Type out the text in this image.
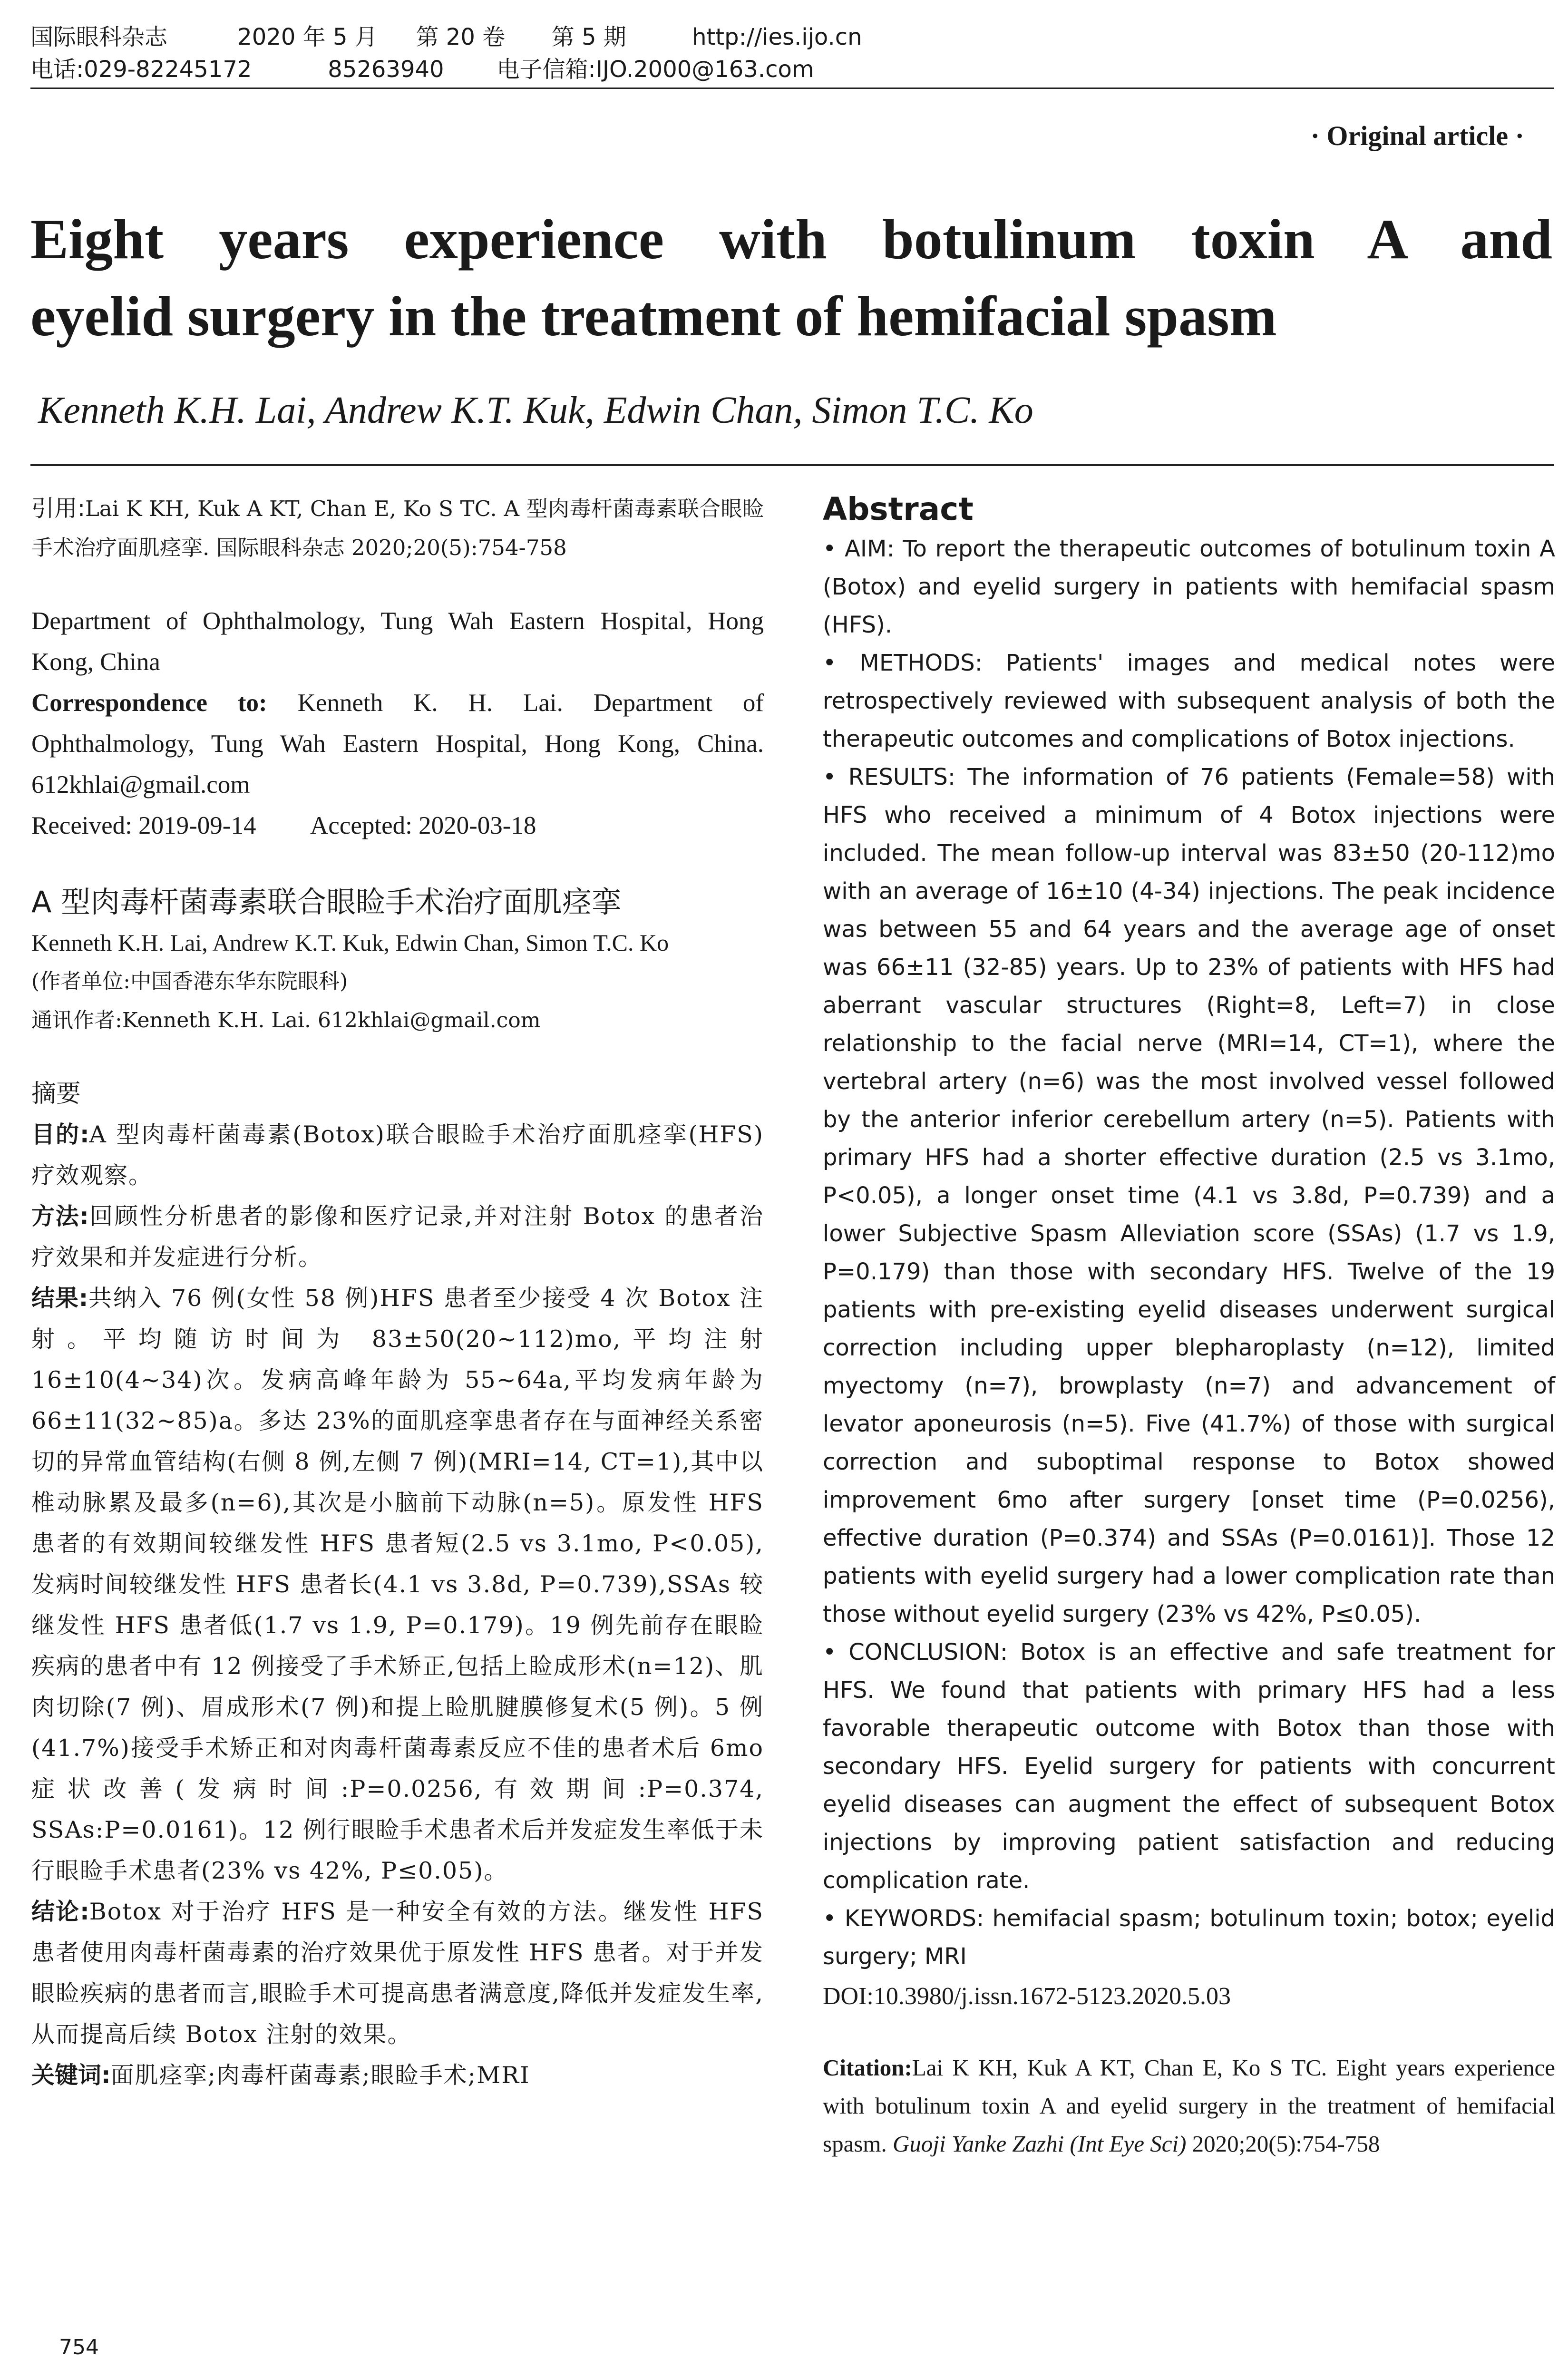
国际眼科杂志	2020 年 5 月 第 20 卷 第 5 期	http://ies.ijo.cn
电话:029-82245172	85263940 电子信箱:IJO.2000@163.com
· Original article ·
Eight years experience with botulinum toxin A and
eyelid surgery in the treatment of hemifacial spasm
Kenneth K.H. Lai, Andrew K.T. Kuk, Edwin Chan, Simon T.C. Ko
引用:Lai K KH, Kuk A KT, Chan E, Ko S TC. A 型肉毒杆菌毒素联合眼睑手术治疗面肌痉挛. 国际眼科杂志 2020;20(5):754-758
Department of Ophthalmology, Tung Wah Eastern Hospital, Hong Kong, China
Correspondence to: Kenneth K. H. Lai. Department of Ophthalmology, Tung Wah Eastern Hospital, Hong Kong, China. 612khlai@gmail.com
Received: 2019-09-14 Accepted: 2020-03-18
A 型肉毒杆菌毒素联合眼睑手术治疗面肌痉挛
Kenneth K.H. Lai, Andrew K.T. Kuk, Edwin Chan, Simon T.C. Ko
(作者单位:中国香港东华东院眼科)
通讯作者:Kenneth K.H. Lai. 612khlai@gmail.com
摘要
目的:A 型肉毒杆菌毒素(Botox)联合眼睑手术治疗面肌痉挛(HFS)疗效观察。
方法:回顾性分析患者的影像和医疗记录,并对注射 Botox 的患者治疗效果和并发症进行分析。
结果:共纳入 76 例(女性 58 例)HFS 患者至少接受 4 次 Botox 注射。平均随访时间为 83±50(20~112)mo,平均注射 16±10(4~34)次。发病高峰年龄为 55~64a,平均发病年龄为 66±11(32~85)a。多达 23%的面肌痉挛患者存在与面神经关系密切的异常血管结构(右侧 8 例,左侧 7 例)(MRI=14, CT=1),其中以椎动脉累及最多(n=6),其次是小脑前下动脉(n=5)。原发性 HFS 患者的有效期间较继发性 HFS 患者短(2.5 vs 3.1mo, P<0.05),发病时间较继发性 HFS 患者长(4.1 vs 3.8d, P=0.739),SSAs 较继发性 HFS 患者低(1.7 vs 1.9, P=0.179)。19 例先前存在眼睑疾病的患者中有 12 例接受了手术矫正,包括上睑成形术(n=12)、肌肉切除(7 例)、眉成形术(7 例)和提上睑肌腱膜修复术(5 例)。5 例(41.7%)接受手术矫正和对肉毒杆菌毒素反应不佳的患者术后 6mo 症状改善(发病时间:P=0.0256,有效期间:P=0.374, SSAs:P=0.0161)。12 例行眼睑手术患者术后并发症发生率低于未行眼睑手术患者(23% vs 42%, P≤0.05)。
结论:Botox 对于治疗 HFS 是一种安全有效的方法。继发性 HFS 患者使用肉毒杆菌毒素的治疗效果优于原发性 HFS 患者。对于并发眼睑疾病的患者而言,眼睑手术可提高患者满意度,降低并发症发生率,从而提高后续 Botox 注射的效果。
关键词:面肌痉挛;肉毒杆菌毒素;眼睑手术;MRI
Abstract
• AIM: To report the therapeutic outcomes of botulinum toxin A (Botox) and eyelid surgery in patients with hemifacial spasm (HFS).
• METHODS: Patients' images and medical notes were retrospectively reviewed with subsequent analysis of both the therapeutic outcomes and complications of Botox injections.
• RESULTS: The information of 76 patients (Female=58) with HFS who received a minimum of 4 Botox injections were included. The mean follow-up interval was 83±50 (20-112)mo with an average of 16±10 (4-34) injections. The peak incidence was between 55 and 64 years and the average age of onset was 66±11 (32-85) years. Up to 23% of patients with HFS had aberrant vascular structures (Right=8, Left=7) in close relationship to the facial nerve (MRI=14, CT=1), where the vertebral artery (n=6) was the most involved vessel followed by the anterior inferior cerebellum artery (n=5). Patients with primary HFS had a shorter effective duration (2.5 vs 3.1mo, P<0.05), a longer onset time (4.1 vs 3.8d, P=0.739) and a lower Subjective Spasm Alleviation score (SSAs) (1.7 vs 1.9, P=0.179) than those with secondary HFS. Twelve of the 19 patients with pre-existing eyelid diseases underwent surgical correction including upper blepharoplasty (n=12), limited myectomy (n=7), browplasty (n=7) and advancement of levator aponeurosis (n=5). Five (41.7%) of those with surgical correction and suboptimal response to Botox showed improvement 6mo after surgery [onset time (P=0.0256), effective duration (P=0.374) and SSAs (P=0.0161)]. Those 12 patients with eyelid surgery had a lower complication rate than those without eyelid surgery (23% vs 42%, P≤0.05).
• CONCLUSION: Botox is an effective and safe treatment for HFS. We found that patients with primary HFS had a less favorable therapeutic outcome with Botox than those with secondary HFS. Eyelid surgery for patients with concurrent eyelid diseases can augment the effect of subsequent Botox injections by improving patient satisfaction and reducing complication rate.
• KEYWORDS: hemifacial spasm; botulinum toxin; botox; eyelid surgery; MRI
DOI:10.3980/j.issn.1672-5123.2020.5.03
Citation:Lai K KH, Kuk A KT, Chan E, Ko S TC. Eight years experience with botulinum toxin A and eyelid surgery in the treatment of hemifacial spasm. Guoji Yanke Zazhi (Int Eye Sci) 2020;20(5):754-758
754
